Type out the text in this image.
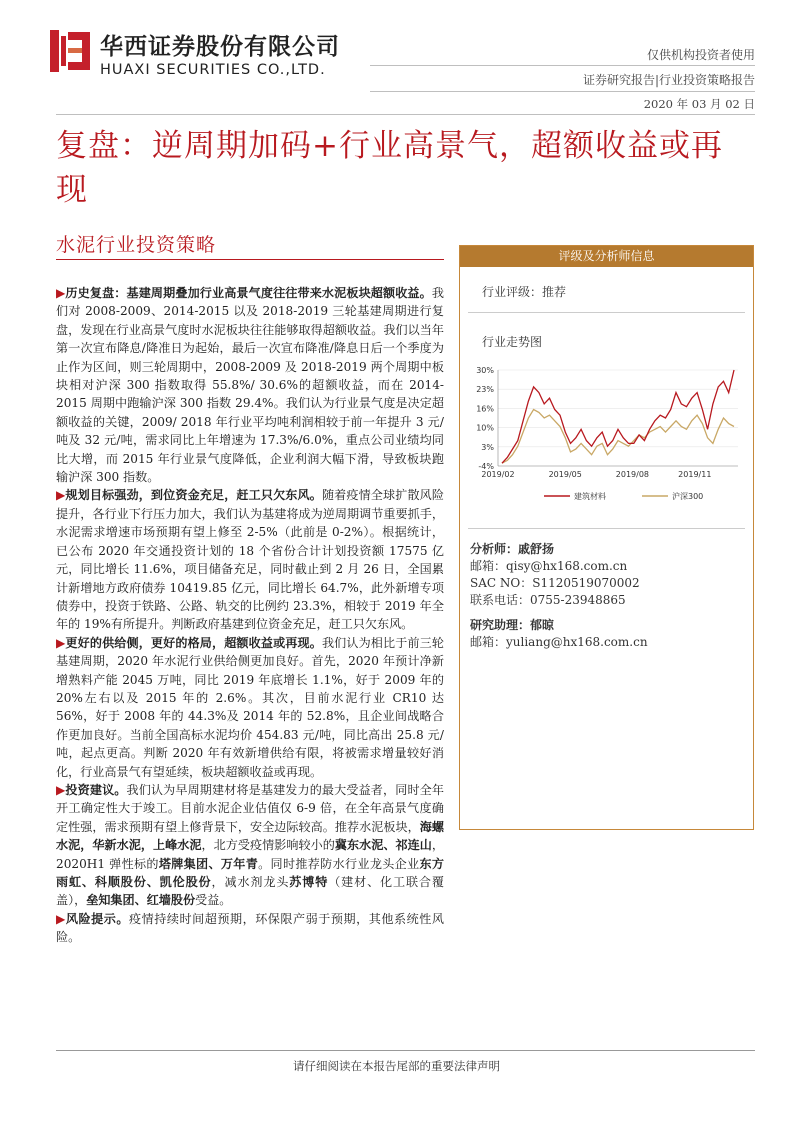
华西证券股份有限公司
HUAXI SECURITIES CO.,LTD.
仅供机构投资者使用
证券研究报告|行业投资策略报告
2020 年 03 月 02 日
复盘：逆周期加码+行业高景气，超额收益或再现
水泥行业投资策略

▶历史复盘：基建周期叠加行业高景气度往往带来水泥板块超额收益。我们对 2008-2009、2014-2015 以及 2018-2019 三轮基建周期进行复盘，发现在行业高景气度时水泥板块往往能够取得超额收益。我们以当年第一次宣布降息/降准日为起始，最后一次宣布降准/降息日后一个季度为止作为区间，则三轮周期中，2008-2009 及 2018-2019 两个周期中板块相对沪深 300 指数取得 55.8%/ 30.6%的超额收益，而在 2014-2015 周期中跑输沪深 300 指数 29.4%。我们认为行业景气度是决定超额收益的关键，2009/ 2018 年行业平均吨利润相较于前一年提升 3 元/吨及 32 元/吨，需求同比上年增速为 17.3%/6.0%，重点公司业绩均同比大增，而 2015 年行业景气度降低，企业利润大幅下滑，导致板块跑输沪深 300 指数。

▶规划目标强劲，到位资金充足，赶工只欠东风。随着疫情全球扩散风险提升，各行业下行压力加大，我们认为基建将成为逆周期调节重要抓手，水泥需求增速市场预期有望上修至 2-5%（此前是 0-2%）。根据统计，已公布 2020 年交通投资计划的 18 个省份合计计划投资额 17575 亿元，同比增长 11.6%，项目储备充足，同时截止到 2 月 26 日，全国累计新增地方政府债券 10419.85 亿元，同比增长 64.7%，此外新增专项债券中，投资于铁路、公路、轨交的比例约 23.3%，相较于 2019 年全年的 19%有所提升。判断政府基建到位资金充足，赶工只欠东风。

▶更好的供给侧，更好的格局，超额收益或再现。我们认为相比于前三轮基建周期，2020 年水泥行业供给侧更加良好。首先，2020 年预计净新增熟料产能 2045 万吨，同比 2019 年底增长 1.1%，好于 2009 年的 20%左右以及 2015 年的 2.6%。其次，目前水泥行业 CR10 达 56%，好于 2008 年的 44.3%及 2014 年的 52.8%，且企业间战略合作更加良好。当前全国高标水泥均价 454.83 元/吨，同比高出 25.8 元/吨，起点更高。判断 2020 年有效新增供给有限，将被需求增量较好消化，行业高景气有望延续，板块超额收益或再现。

▶投资建议。我们认为早周期建材将是基建发力的最大受益者，同时全年开工确定性大于竣工。目前水泥企业估值仅 6-9 倍，在全年高景气度确定性强，需求预期有望上修背景下，安全边际较高。推荐水泥板块，海螺水泥，华新水泥，上峰水泥，北方受疫情影响较小的冀东水泥、祁连山，2020H1 弹性标的塔牌集团、万年青。同时推荐防水行业龙头企业东方雨虹、科顺股份、凯伦股份，减水剂龙头苏博特（建材、化工联合覆盖），垒知集团、红墙股份受益。

▶风险提示。疫情持续时间超预期，环保限产弱于预期，其他系统性风险。

评级及分析师信息
行业评级：推荐
行业走势图
30%
23%
16%
10%
3%
-4%
2019/02	2019/05	2019/08	2019/11
建筑材料	沪深300
分析师：戚舒扬
邮箱：qisy@hx168.com.cn
SAC NO：S1120519070002
联系电话：0755-23948865
研究助理：郁晾
邮箱：yuliang@hx168.com.cn
请仔细阅读在本报告尾部的重要法律声明
